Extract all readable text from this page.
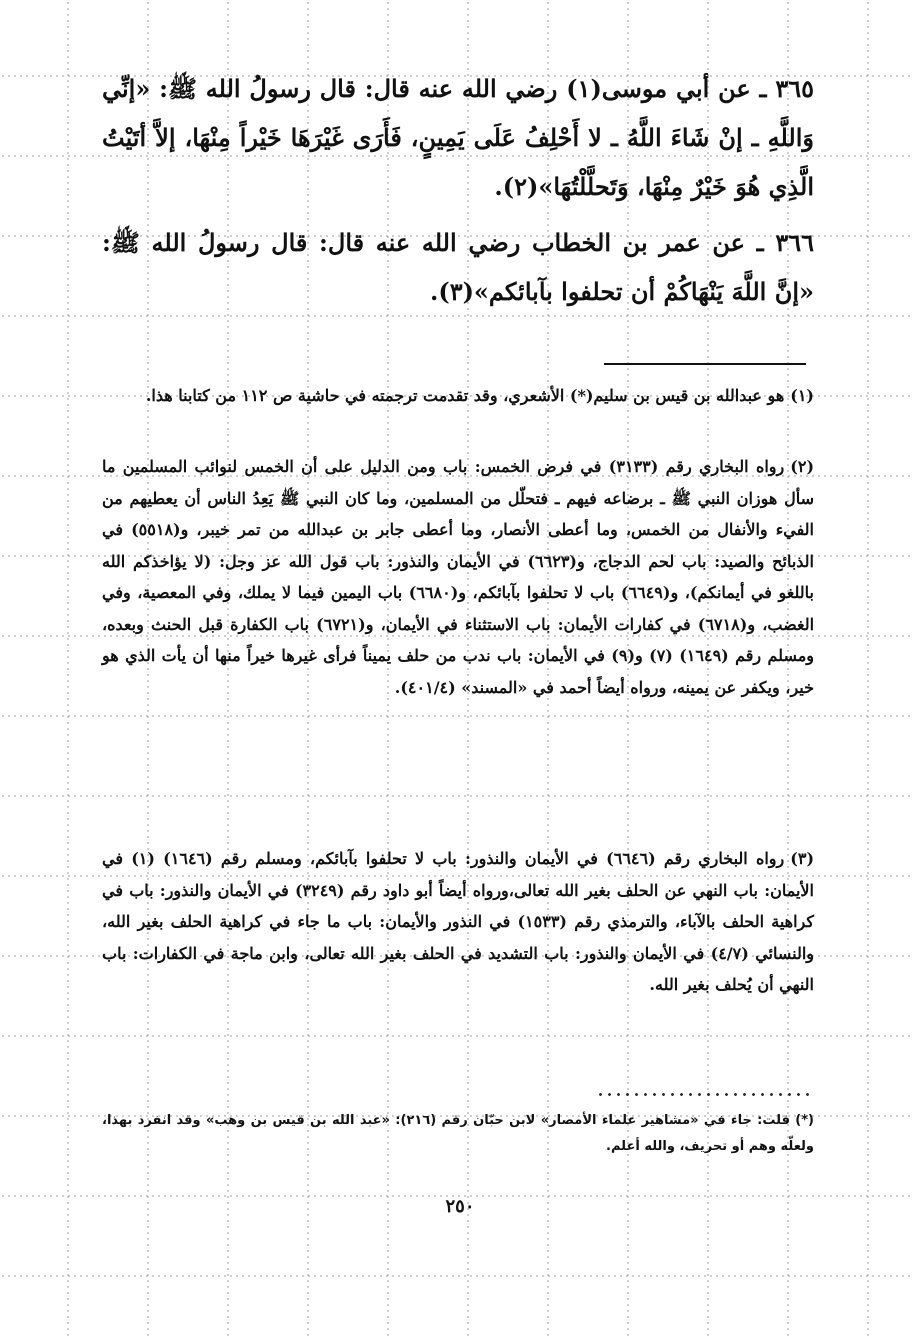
٣٦٥ ـ عن أبي موسى(١) رضي الله عنه قال: قال رسولُ الله ﷺ: «إنِّي وَاللَّهِ ـ إنْ شَاءَ اللَّهُ ـ لا أَحْلِفُ عَلَى يَمِينٍ، فَأَرَى غَيْرَهَا خَيْراً مِنْهَا، إلاَّ أتَيْتُ الَّذِي هُوَ خَيْرٌ مِنْهَا، وَتَحلَّلْتُهَا»(٢).

٣٦٦ ـ عن عمر بن الخطاب رضي الله عنه قال: قال رسولُ الله ﷺ: «إنَّ اللَّهَ يَنْهَاكُمْ أن تحلفوا بآبائكم»(٣).

(١)هو عبدالله بن قيس بن سليم(*) الأشعري، وقد تقدمت ترجمته في حاشية ص ١١٢ من كتابنا هذا.
(٢)رواه البخاري رقم (٣١٣٣) في فرض الخمس: باب ومن الدليل على أن الخمس لنوائب المسلمين ما سأل هوزان النبي ﷺ ـ برضاعه فيهم ـ فتحلّل من المسلمين، وما كان النبي ﷺ يَعِدُ الناس أن يعطيهم من الفيء والأنفال من الخمس، وما أعطى الأنصار، وما أعطى جابر بن عبدالله من تمر خيبر، و(٥٥١٨) في الذبائح والصيد: باب لحم الدجاج، و(٦٦٢٣) في الأيمان والنذور: باب قول الله عز وجل: (لا يؤاخذكم الله باللغو في أيمانكم)، و(٦٦٤٩) باب لا تحلفوا بآبائكم، و(٦٦٨٠) باب اليمين فيما لا يملك، وفي المعصية، وفي الغضب، و(٦٧١٨) في كفارات الأيمان: باب الاستثناء في الأيمان، و(٦٧٢١) باب الكفارة قبل الحنث وبعده، ومسلم رقم (١٦٤٩) (٧) و(٩) في الأيمان: باب ندب من حلف يميناً فرأى غيرها خيراً منها أن يأت الذي هو خير، ويكفر عن يمينه، ورواه أيضاً أحمد في «المسند» (٤٠١/٤).
(٣)رواه البخاري رقم (٦٦٤٦) في الأيمان والنذور: باب لا تحلفوا بآبائكم، ومسلم رقم (١٦٤٦) (١) في الأيمان: باب النهي عن الحلف بغير الله تعالى،ورواه أيضاً أبو داود رقم (٣٢٤٩) في الأيمان والنذور: باب في كراهية الحلف بالآباء، والترمذي رقم (١٥٣٣) في النذور والأيمان: باب ما جاء في كراهية الحلف بغير الله، والنسائي (٤/٧) في الأيمان والنذور: باب التشديد في الحلف بغير الله تعالى، وابن ماجة في الكفارات: باب النهي أن يُحلف بغير الله.
(*) قلت: جاء في «مشاهير علماء الأمصار» لابن حبّان رقم (٢١٦): «عبد الله بن قيس بن وهب» وقد انفرد بهذا، ولعلّه وهم أو تحريف، والله أعلم.
٢٥٠
